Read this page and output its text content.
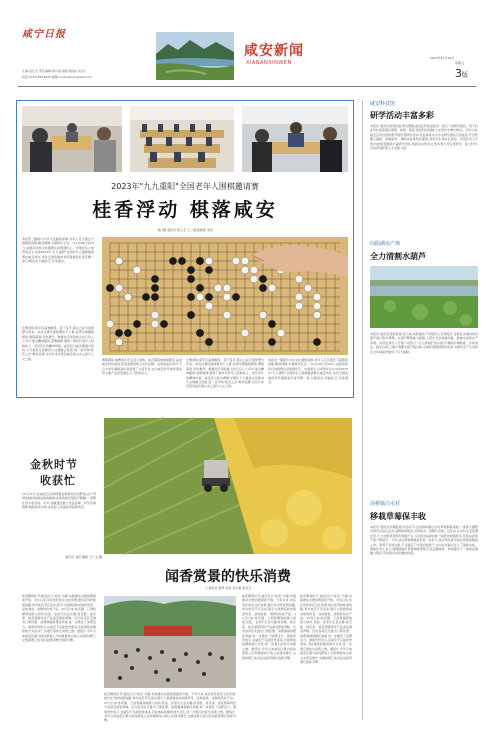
咸宁日报
主编:吴红文 责任编辑:黄小丽 组版:程雨卉 校对:
电话:0715-8123672 邮箱:xnrbxianan@163.com
咸安新闻
XIANANXINWEN
2023年11月24日
星期五
3版
2023年"九九重阳"全国老年人围棋邀请赛
桂香浮动 棋落咸安
刘汉卿 通讯员 陈立冬 王二刚 程晓燕 李彤
本报讯 "围棋与中华文化渊源深厚,老年人可以通过下棋锻炼思维,陶冶情操,丰富晚年生活。"11月20日至22日,由国家体育总局棋牌运动管理中心、中国老年人体育协会主办的2023年"九九重阳"全国老年人围棋邀请赛在咸安举办,来自全国各地的老年围棋爱好者齐聚一堂,以棋会友,切磋技艺,共享盛会。
比赛现场,棋手们凝神静思、落子有声,黑白之间尽显智慧与风采。本次比赛设团体赛和个人赛,采用中国围棋规则,赛程紧凑,竞争激烈。参赛选手年龄最大的已有八十多岁,他们精神矍铄,思维敏捷,展现了新时代老年人积极向上、老有所乐的精神风貌。咸安区以此次赛事为契机,大力推进全民健身与文旅融合发展,进一步打响"桂花之乡"城市品牌,让四方来宾感受咸安的山水之美与人文之韵。	赛事期间,参赛选手还走进汀泗桥、桂花镇等地参观游览,品尝咸安特色美食,感受浓厚的地方文化氛围。活动的成功举办,不仅为老年围棋爱好者搭建了交流平台,也为咸安老年体育事业和文旅产业的发展注入了新的活力。
比赛现场,棋手们凝神静思、落子有声,黑白之间尽显智慧与风采。本次比赛设团体赛和个人赛,采用中国围棋规则,赛程紧凑,竞争激烈。参赛选手年龄最大的已有八十多岁,他们精神矍铄,思维敏捷,展现了新时代老年人积极向上、老有所乐的精神风貌。咸安区以此次赛事为契机,大力推进全民健身与文旅融合发展,进一步打响"桂花之乡"城市品牌,让四方来宾感受咸安的山水之美与人文之韵。
本报讯 "围棋与中华文化渊源深厚,老年人可以通过下棋锻炼思维,陶冶情操,丰富晚年生活。"11月20日至22日,由国家体育总局棋牌运动管理中心、中国老年人体育协会主办的2023年"九九重阳"全国老年人围棋邀请赛在咸安举办,来自全国各地的老年围棋爱好者齐聚一堂,以棋会友,切磋技艺,共享盛会。
金秋时节
收获忙
11月22日,在咸安区官埠桥镇官埠桥村的田野里,农户驾驶收割机收割成熟的晚稻,金黄的稻田里机声隆隆,一派繁忙的丰收景象。今年,该镇通过推广优良品种、科学田间管理,晚稻喜获丰收,农民脸上洋溢着喜悦的笑容。
通讯员 刘泽 摄影 王广文 摄
闻香赏景的快乐消费
□ 通讯员 夏琴 刘泽 李小梅 余永玉
桂花飘香时节,咸安区以"桂花"为媒,持续推动文旅消费提质升级。今年以来,该区依托桂花文化资源,推出系列赏桂游线路,举办桂花节庆活动,吸引大批游客前来闻香赏景、品味美食、选购特色农产品。11月以来,桂花镇、汀泗桥镇等地游人如织,民宿、农家乐生意火爆,桂花糕、桂花茶、桂花酒等特色产品深受游客青睐。区内各景区还推出门票优惠、消费满减等惠民举措,进一步激发了消费活力。游客纷纷表示,在咸安不仅能欣赏美景,还能体验浓郁的地方文化,是一次难忘的快乐消费之旅。据统计,今年以来咸安区累计接待游客人次和旅游综合收入实现双增长,文旅消费已成为拉动经济增长的新引擎。
桂花飘香时节,咸安区以"桂花"为媒,持续推动文旅消费提质升级。今年以来,该区依托桂花文化资源,推出系列赏桂游线路,举办桂花节庆活动,吸引大批游客前来闻香赏景、品味美食、选购特色农产品。11月以来,桂花镇、汀泗桥镇等地游人如织,民宿、农家乐生意火爆,桂花糕、桂花茶、桂花酒等特色产品深受游客青睐。区内各景区还推出门票优惠、消费满减等惠民举措,进一步激发了消费活力。游客纷纷表示,在咸安不仅能欣赏美景,还能体验浓郁的地方文化,是一次难忘的快乐消费之旅。据统计,今年以来咸安区累计接待游客人次和旅游综合收入实现双增长,文旅消费已成为拉动经济增长的新引擎。
桂花飘香时节,咸安区以"桂花"为媒,持续推动文旅消费提质升级。今年以来,该区依托桂花文化资源,推出系列赏桂游线路,举办桂花节庆活动,吸引大批游客前来闻香赏景、品味美食、选购特色农产品。11月以来,桂花镇、汀泗桥镇等地游人如织,民宿、农家乐生意火爆,桂花糕、桂花茶、桂花酒等特色产品深受游客青睐。区内各景区还推出门票优惠、消费满减等惠民举措,进一步激发了消费活力。游客纷纷表示,在咸安不仅能欣赏美景,还能体验浓郁的地方文化,是一次难忘的快乐消费之旅。据统计,今年以来咸安区累计接待游客人次和旅游综合收入实现双增长,文旅消费已成为拉动经济增长的新引擎。
桂花飘香时节,咸安区以"桂花"为媒,持续推动文旅消费提质升级。今年以来,该区依托桂花文化资源,推出系列赏桂游线路,举办桂花节庆活动,吸引大批游客前来闻香赏景、品味美食、选购特色农产品。11月以来,桂花镇、汀泗桥镇等地游人如织,民宿、农家乐生意火爆,桂花糕、桂花茶、桂花酒等特色产品深受游客青睐。区内各景区还推出门票优惠、消费满减等惠民举措,进一步激发了消费活力。游客纷纷表示,在咸安不仅能欣赏美景,还能体验浓郁的地方文化,是一次难忘的快乐消费之旅。据统计,今年以来咸安区累计接待游客人次和旅游综合收入实现双增长,文旅消费已成为拉动经济增长的新引擎。
咸安科技馆
研学活动丰富多彩
本报讯 通讯员刘雪报道:周末假期,咸安区科技馆迎来一批又一批研学团队。孩子们在科技馆里通过观察、体验、探索,感受科技的魅力,在欢乐中增长知识。今年以来,咸安区科技馆积极开展科普研学活动,先后接待中小学生研学团队百余批次,开设机器人编程、航模制作、趣味实验等特色课程,深受学生和家长欢迎。该馆负责人介绍,科技馆将继续丰富研学内容,创新活动形式,让更多青少年走进科学、爱上科学,为培养创新型人才贡献力量。
向阳湖水产场
全力清割水葫芦
本报讯 通讯员吴俊报道:连日来,向阳湖水产场组织人员和船只,对辖区水域内的水葫芦进行集中清理。水葫芦繁殖能力极强,大量生长会堵塞河道、影响水质和水产养殖。该场安排专人专船,分段包干,全力清割打捞水葫芦,确保水域畅通、水体清洁。截至目前,已累计清理水葫芦数百吨,水域环境得到明显改善,为群众生产生活和生态环境保护提供了有力保障。
高桥镇白水村
移栽草莓保丰收
本报讯 通讯员李娜报道:初冬时节,走进高桥镇白水村草莓种植基地,一排排大棚整齐排列,村民们正忙着移栽草莓苗,田间地头一派繁忙景象。近年来,白水村立足资源优势,大力发展草莓特色种植产业,引进优质品种,推广标准化种植技术,草莓品质和产量不断提升。今年,该村草莓种植面积进一步扩大,预计明年春节前后草莓将陆续上市。草莓产业的发展,不仅鼓起了村民的钱袋子,也为乡村振兴注入了强劲动能。基地负责人表示,将继续做好草莓种植管理,打造采摘体验、休闲观光于一体的农旅融合项目,带动更多村民增收致富。
